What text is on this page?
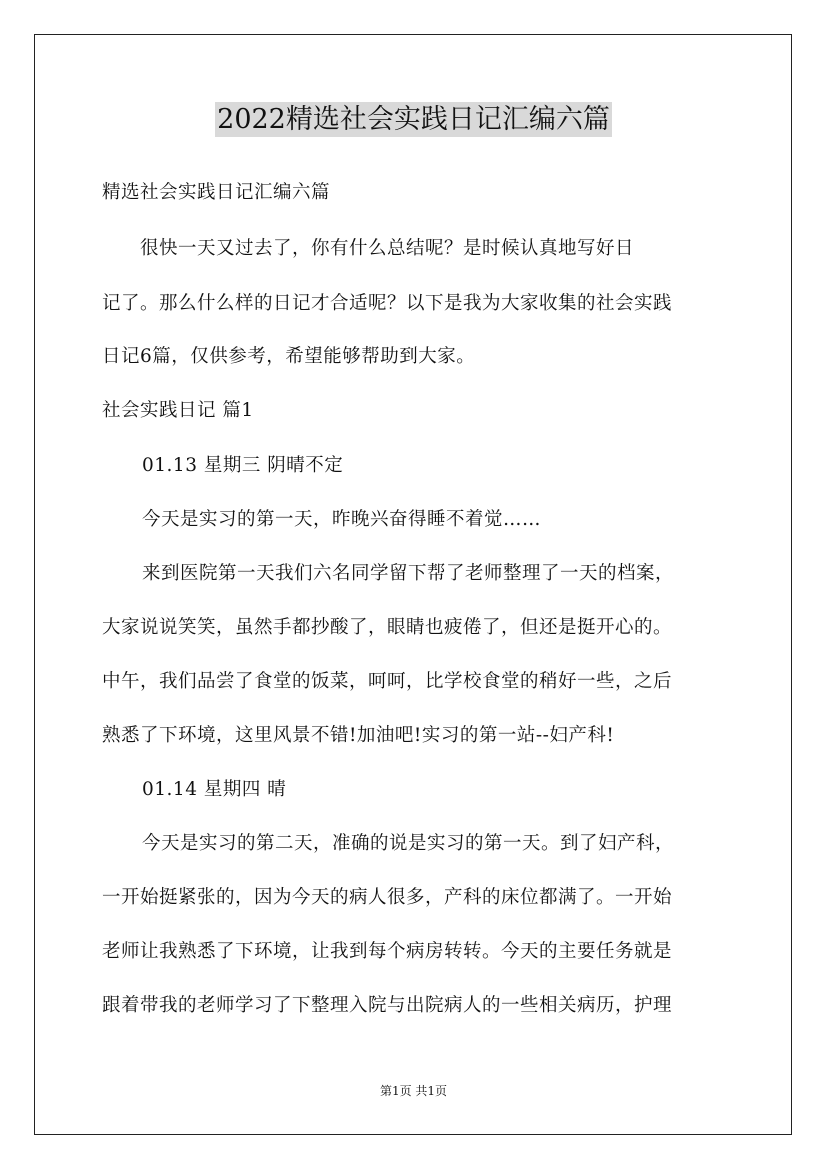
2022精选社会实践日记汇编六篇
精选社会实践日记汇编六篇
　　很快一天又过去了，你有什么总结呢？是时候认真地写好日
记了。那么什么样的日记才合适呢？以下是我为大家收集的社会实践
日记6篇，仅供参考，希望能够帮助到大家。
社会实践日记 篇1
01.13 星期三 阴晴不定
今天是实习的第一天，昨晚兴奋得睡不着觉……
来到医院第一天我们六名同学留下帮了老师整理了一天的档案，
大家说说笑笑，虽然手都抄酸了，眼睛也疲倦了，但还是挺开心的。
中午，我们品尝了食堂的饭菜，呵呵，比学校食堂的稍好一些，之后
熟悉了下环境，这里风景不错!加油吧!实习的第一站--妇产科!
01.14 星期四 晴
今天是实习的第二天，准确的说是实习的第一天。到了妇产科，
一开始挺紧张的，因为今天的病人很多，产科的床位都满了。一开始
老师让我熟悉了下环境，让我到每个病房转转。今天的主要任务就是
跟着带我的老师学习了下整理入院与出院病人的一些相关病历，护理
第1页 共1页
